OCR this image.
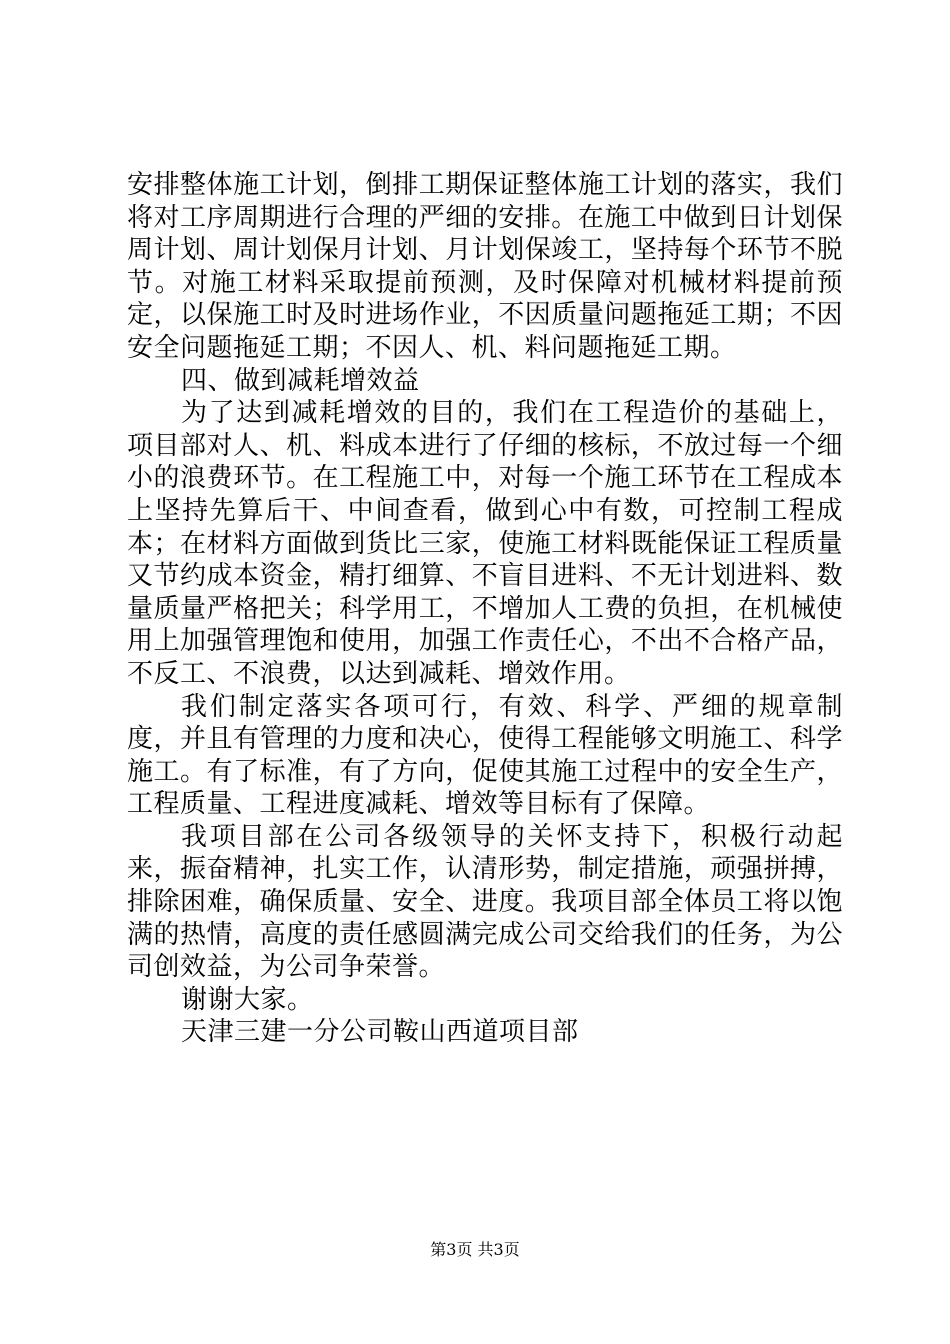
安排整体施工计划，倒排工期保证整体施工计划的落实，我们将对工序周期进行合理的严细的安排。在施工中做到日计划保周计划、周计划保月计划、月计划保竣工，坚持每个环节不脱节。对施工材料采取提前预测，及时保障对机械材料提前预定，以保施工时及时进场作业，不因质量问题拖延工期；不因安全问题拖延工期；不因人、机、料问题拖延工期。

四、做到减耗增效益

为了达到减耗增效的目的，我们在工程造价的基础上，项目部对人、机、料成本进行了仔细的核标，不放过每一个细小的浪费环节。在工程施工中，对每一个施工环节在工程成本上坚持先算后干、中间查看，做到心中有数，可控制工程成本；在材料方面做到货比三家，使施工材料既能保证工程质量又节约成本资金，精打细算、不盲目进料、不无计划进料、数量质量严格把关；科学用工，不增加人工费的负担，在机械使用上加强管理饱和使用，加强工作责任心，不出不合格产品，不反工、不浪费，以达到减耗、增效作用。

我们制定落实各项可行，有效、科学、严细的规章制度，并且有管理的力度和决心，使得工程能够文明施工、科学施工。有了标准，有了方向，促使其施工过程中的安全生产，工程质量、工程进度减耗、增效等目标有了保障。

我项目部在公司各级领导的关怀支持下，积极行动起来，振奋精神，扎实工作，认清形势，制定措施，顽强拼搏，排除困难，确保质量、安全、进度。我项目部全体员工将以饱满的热情，高度的责任感圆满完成公司交给我们的任务，为公司创效益，为公司争荣誉。

谢谢大家。

天津三建一分公司鞍山西道项目部

第3页 共3页
